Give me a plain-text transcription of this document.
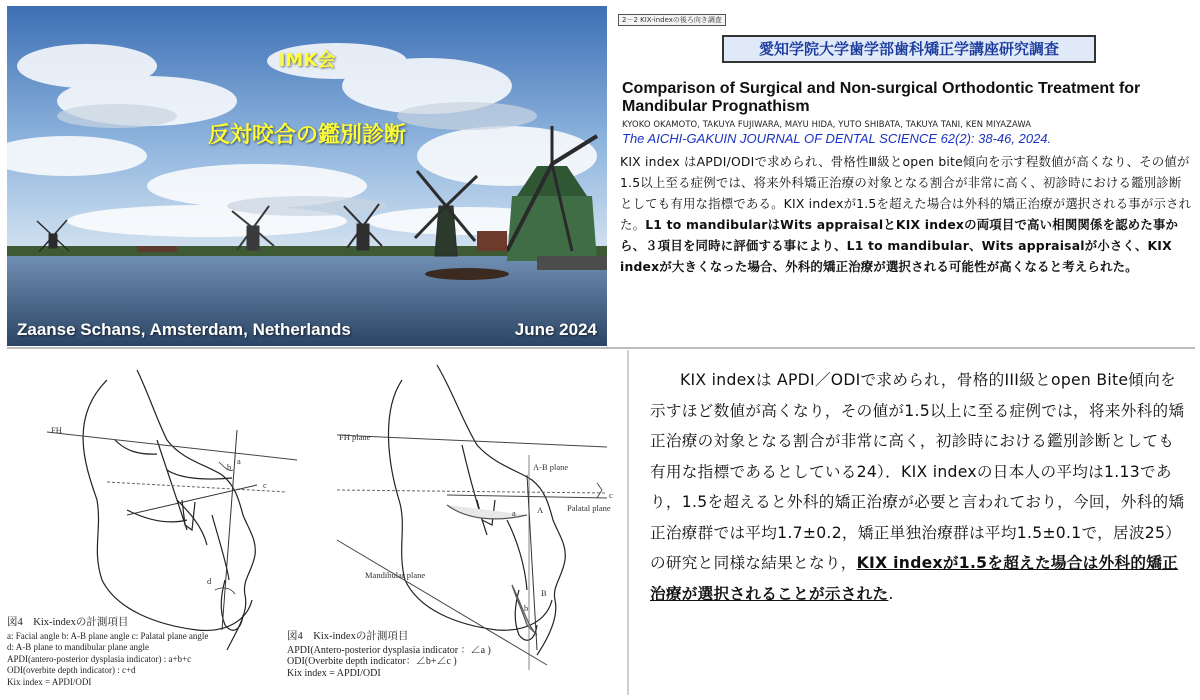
IMK会
反対咬合の鑑別診断
Zaanse Schans, Amsterdam, Netherlands	June 2024
2－2 KIX-indexの後ろ向き調査
愛知学院大学歯学部歯科矯正学講座研究調査
Comparison of Surgical and Non-surgical Orthodontic Treatment for Mandibular Prognathism
KYOKO OKAMOTO, TAKUYA FUJIWARA, MAYU HIDA, YUTO SHIBATA, TAKUYA TANI, KEN MIYAZAWA
The AICHI-GAKUIN JOURNAL OF DENTAL SCIENCE 62(2): 38-46, 2024.
KIX index はAPDI/ODIで求められ、骨格性Ⅲ級とopen bite傾向を示す程数値が高くなり、その値が1.5以上至る症例では、将来外科矯正治療の対象となる割合が非常に高く、初診時における鑑別診断としても有用な指標である。KIX indexが1.5を超えた場合は外科的矯正治療が選択される事が示された。L1 to mandibularはWits appraisalとKIX indexの両項目で高い相関関係を認めた事から、３項目を同時に評価する事により、L1 to mandibular、Wits appraisalが小さく、KIX indexが大きくなった場合、外科的矯正治療が選択される可能性が高くなると考えられた。
FH
b
a
c
d
FH plane
A-B plane
Palatal plane
Mandibular plane
a A
B
b
c
図4　Kix-indexの計測項目
a: Facial angle b: A-B plane angle c: Palatal plane angle
d: A-B plane to mandibular plane angle
APDI(antero-posterior dysplasia indicator) : a+b+c
ODI(overbite depth indicator) : c+d
Kix index = APDI/ODI
図4　Kix-indexの計測項目
APDI(Antero-posterior dysplasia indicator ：∠a )
ODI(Overbite depth indicator：∠b+∠c )
Kix index = APDI/ODI
KIX indexは APDI／ODIで求められ，骨格的III級とopen Bite傾向を示すほど数値が高くなり，その値が1.5以上に至る症例では，将来外科的矯正治療の対象となる割合が非常に高く，初診時における鑑別診断としても有用な指標であるとしている24）．KIX indexの日本人の平均は1.13であり，1.5を超えると外科的矯正治療が必要と言われており，今回，外科的矯正治療群では平均1.7±0.2，矯正単独治療群は平均1.5±0.1で，居波25）の研究と同様な結果となり，KIX indexが1.5を超えた場合は外科的矯正治療が選択されることが示された.
